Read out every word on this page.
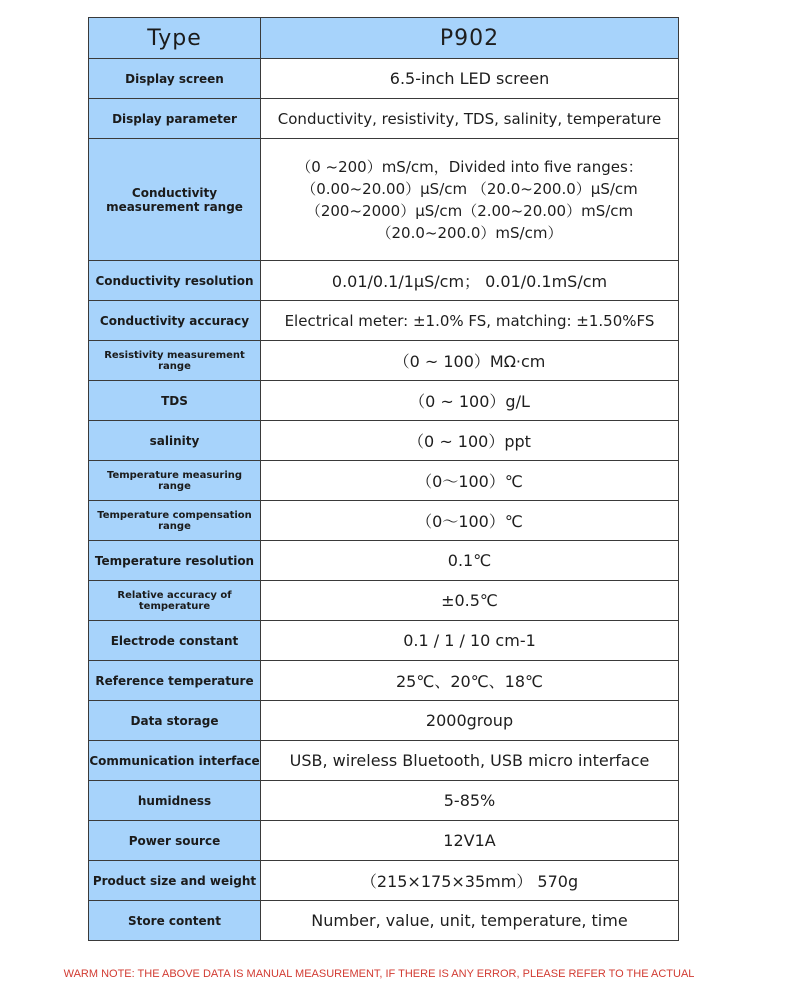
Type	P902
Display screen	6.5-inch LED screen
Display parameter	Conductivity, resistivity, TDS, salinity, temperature
Conductivity measurement range	（0 ~200）mS/cm，Divided into five ranges：
（0.00~20.00）μS/cm （20.0~200.0）μS/cm
（200~2000）μS/cm（2.00~20.00）mS/cm
（20.0~200.0）mS/cm）

Conductivity resolution	0.01/0.1/1μS/cm； 0.01/0.1mS/cm
Conductivity accuracy	Electrical meter: ±1.0% FS, matching: ±1.50%FS
Resistivity measurement range	（0 ~ 100）MΩ·cm
TDS	（0 ~ 100）g/L
salinity	（0 ~ 100）ppt
Temperature measuring range	（0～100）℃
Temperature compensation range	（0～100）℃
Temperature resolution	0.1℃
Relative accuracy of temperature	±0.5℃
Electrode constant	0.1 / 1 / 10 cm-1
Reference temperature	25℃、20℃、18℃
Data storage	2000group
Communication interface	USB, wireless Bluetooth, USB micro interface
humidness	5-85%
Power source	12V1A
Product size and weight	（215×175×35mm） 570g
Store content	Number, value, unit, temperature, time
WARM NOTE: THE ABOVE DATA IS MANUAL MEASUREMENT, IF THERE IS ANY ERROR, PLEASE REFER TO THE ACTUAL
